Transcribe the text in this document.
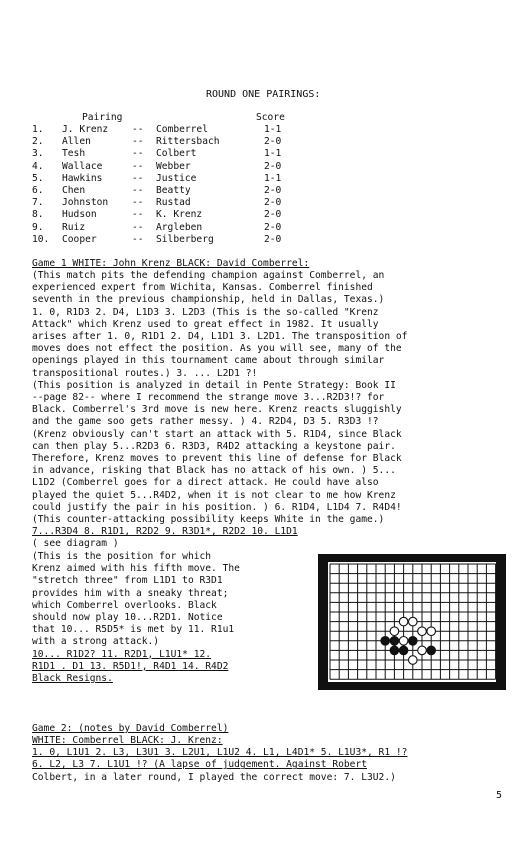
ROUND ONE PAIRINGS:
Pairing	Score
1. J. Krenz -- Comberrel	1-1
2. Allen	-- Rittersbach	2-0
3. Tesh	-- Colbert	1-1
4. Wallace	-- Webber	2-0
5. Hawkins	-- Justice	1-1
6. Chen	-- Beatty	2-0
7. Johnston -- Rustad	2-0
8. Hudson	-- K. Krenz	2-0
9. Ruiz	-- Argleben	2-0
10. Cooper	-- Silberberg	2-0
Game 1 WHITE: John Krenz BLACK: David Comberrel:
(This match pits the defending champion against Comberrel, an
experienced expert from Wichita, Kansas. Comberrel finished
seventh in the previous championship, held in Dallas, Texas.)
1. 0, R1D3 2. D4, L1D3 3. L2D3 (This is the so-called "Krenz
Attack" which Krenz used to great effect in 1982. It usually
arises after 1. 0, R1D1 2. D4, L1D1 3. L2D1. The transposition of
moves does not effect the position. As you will see, many of the
openings played in this tournament came about through similar
transpositional routes.) 3. ... L2D1 ?!
(This position is analyzed in detail in Pente Strategy: Book II
--page 82-- where I recommend the strange move 3...R2D3!? for
Black. Comberrel's 3rd move is new here. Krenz reacts sluggishly
and the game soo gets rather messy. ) 4. R2D4, D3 5. R3D3 !?
(Krenz obviously can't start an attack with 5. R1D4, since Black
can then play 5...R2D3 6. R3D3, R4D2 attacking a keystone pair.
Therefore, Krenz moves to prevent this line of defense for Black
in advance, risking that Black has no attack of his own. ) 5...
L1D2 (Comberrel goes for a direct attack. He could have also
played the quiet 5...R4D2, when it is not clear to me how Krenz
could justify the pair in his position. ) 6. R1D4, L1D4 7. R4D4!
(This counter-attacking possibility keeps White in the game.)
7...R3D4 8. R1D1, R2D2 9. R3D1*, R2D2 10. L1D1
( see diagram )
(This is the position for which
Krenz aimed with his fifth move. The
"stretch three" from L1D1 to R3D1
provides him with a sneaky threat;
which Comberrel overlooks. Black
should now play 10...R2D1. Notice
that 10... R5D5* is met by 11. R1u1
with a strong attack.)
10... R1D2? 11. R2D1, L1U1* 12.
R1D1 . D1 13. R5D1!, R4D1 14. R4D2
Black Resigns.
Game 2: (notes by David Comberrel)
WHITE: Comberrel BLACK: J. Krenz:
1. 0, L1U1 2. L3, L3U1 3. L2U1, L1U2 4. L1, L4D1* 5. L1U3*, R1 !?
6. L2, L3 7. L1U1 !? (A lapse of judgement. Against Robert
Colbert, in a later round, I played the correct move: 7. L3U2.)
5
